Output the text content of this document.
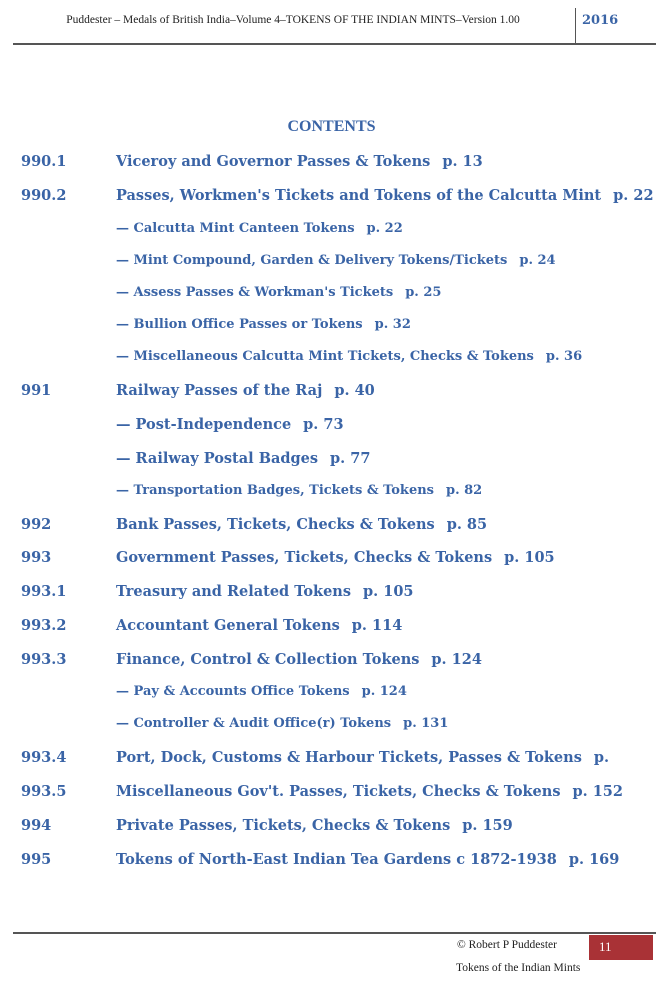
Puddester – Medals of British India–Volume 4–TOKENS OF THE INDIAN MINTS–Version 1.00	2016
CONTENTS
990.1	Viceroy and Governor Passes & Tokens p. 13
990.2	Passes, Workmen's Tickets and Tokens of the Calcutta Mint p. 22
— Calcutta Mint Canteen Tokens p. 22
— Mint Compound, Garden & Delivery Tokens/Tickets p. 24
— Assess Passes & Workman's Tickets p. 25
— Bullion Office Passes or Tokens p. 32
— Miscellaneous Calcutta Mint Tickets, Checks & Tokens p. 36
991	Railway Passes of the Raj p. 40
— Post-Independence p. 73
— Railway Postal Badges p. 77
— Transportation Badges, Tickets & Tokens p. 82
992	Bank Passes, Tickets, Checks & Tokens p. 85
993	Government Passes, Tickets, Checks & Tokens p. 105
993.1	Treasury and Related Tokens p. 105
993.2	Accountant General Tokens p. 114
993.3	Finance, Control & Collection Tokens p. 124
— Pay & Accounts Office Tokens p. 124
— Controller & Audit Office(r) Tokens p. 131
993.4	Port, Dock, Customs & Harbour Tickets, Passes & Tokens p.
993.5	Miscellaneous Gov't. Passes, Tickets, Checks & Tokens p. 152
994	Private Passes, Tickets, Checks & Tokens p. 159
995	Tokens of North-East Indian Tea Gardens c 1872-1938 p. 169
© Robert P Puddester	11
Tokens of the Indian Mints
